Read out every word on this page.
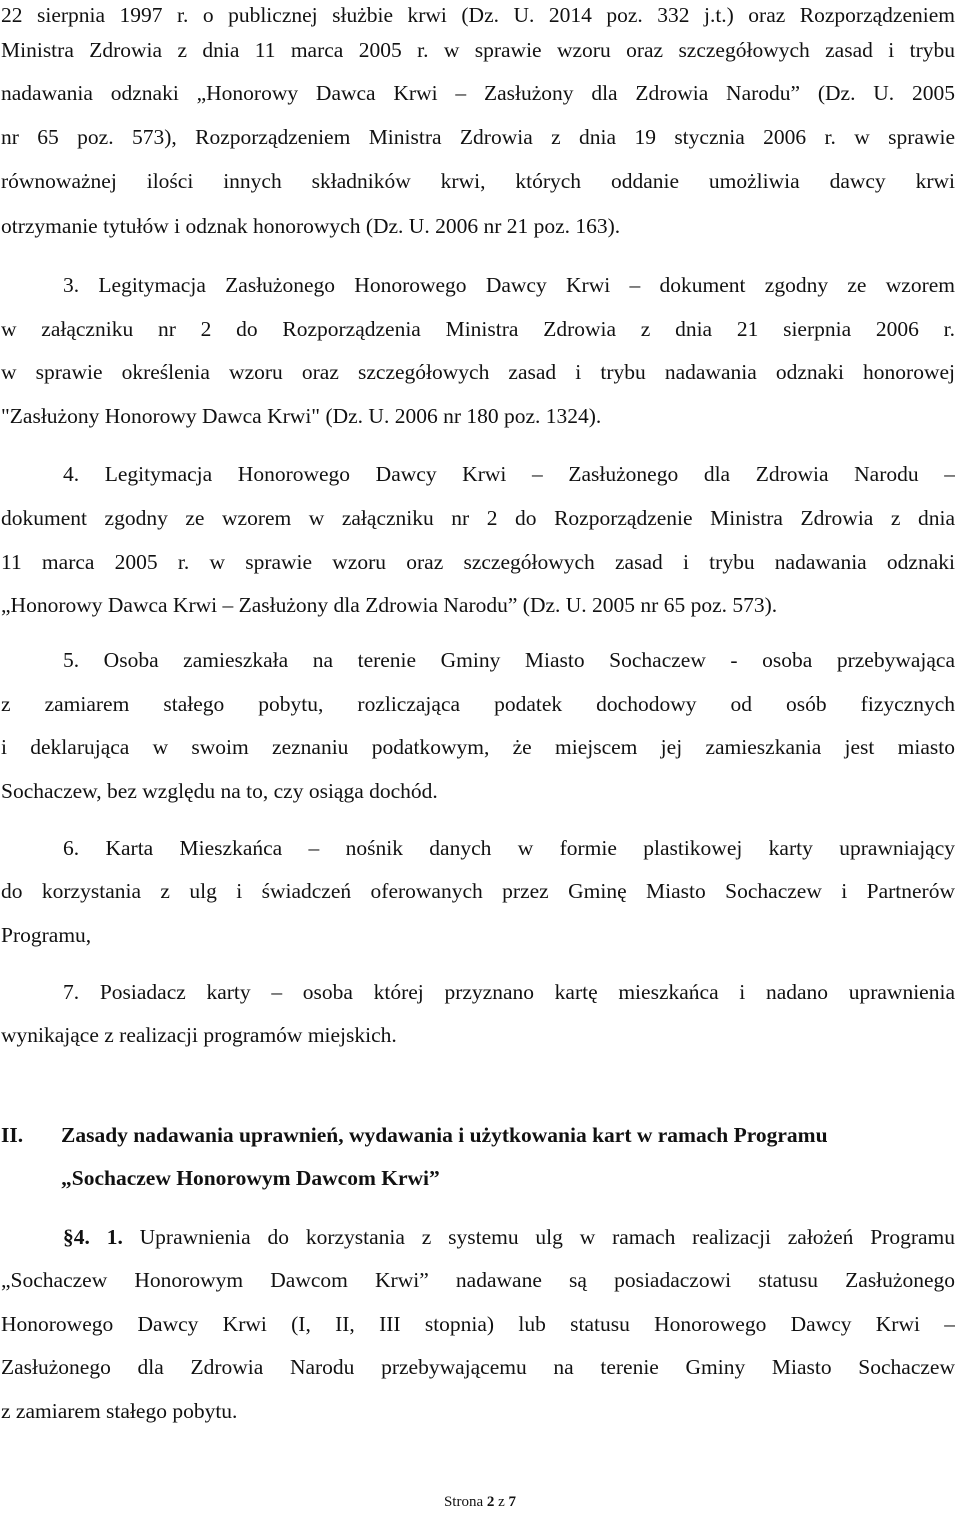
22 sierpnia 1997 r. o publicznej służbie krwi (Dz. U. 2014 poz. 332 j.t.) oraz Rozporządzeniem
Ministra Zdrowia z dnia 11 marca 2005 r. w sprawie wzoru oraz szczegółowych zasad i trybu
nadawania odznaki „Honorowy Dawca Krwi – Zasłużony dla Zdrowia Narodu” (Dz. U. 2005
nr 65 poz. 573), Rozporządzeniem Ministra Zdrowia z dnia 19 stycznia 2006 r. w sprawie
równoważnej ilości innych składników krwi, których oddanie umożliwia dawcy krwi
otrzymanie tytułów i odznak honorowych (Dz. U. 2006 nr 21 poz. 163).
3. Legitymacja Zasłużonego Honorowego Dawcy Krwi – dokument zgodny ze wzorem
w załączniku nr 2 do Rozporządzenia Ministra Zdrowia z dnia 21 sierpnia 2006 r.
w sprawie określenia wzoru oraz szczegółowych zasad i trybu nadawania odznaki honorowej
"Zasłużony Honorowy Dawca Krwi" (Dz. U. 2006 nr 180 poz. 1324).
4. Legitymacja Honorowego Dawcy Krwi – Zasłużonego dla Zdrowia Narodu –
dokument zgodny ze wzorem w załączniku nr 2 do Rozporządzenie Ministra Zdrowia z dnia
11 marca 2005 r. w sprawie wzoru oraz szczegółowych zasad i trybu nadawania odznaki
„Honorowy Dawca Krwi – Zasłużony dla Zdrowia Narodu” (Dz. U. 2005 nr 65 poz. 573).
5. Osoba zamieszkała na terenie Gminy Miasto Sochaczew - osoba przebywająca
z zamiarem stałego pobytu, rozliczająca podatek dochodowy od osób fizycznych
i deklarująca w swoim zeznaniu podatkowym, że miejscem jej zamieszkania jest miasto
Sochaczew, bez względu na to, czy osiąga dochód.
6. Karta Mieszkańca – nośnik danych w formie plastikowej karty uprawniający
do korzystania z ulg i świadczeń oferowanych przez Gminę Miasto Sochaczew i Partnerów
Programu,
7. Posiadacz karty – osoba której przyznano kartę mieszkańca i nadano uprawnienia
wynikające z realizacji programów miejskich.
II. Zasady nadawania uprawnień, wydawania i użytkowania kart w ramach Programu
„Sochaczew Honorowym Dawcom Krwi”
§4. 1. Uprawnienia do korzystania z systemu ulg w ramach realizacji założeń Programu
„Sochaczew Honorowym Dawcom Krwi” nadawane są posiadaczowi statusu Zasłużonego
Honorowego Dawcy Krwi (I, II, III stopnia) lub statusu Honorowego Dawcy Krwi –
Zasłużonego dla Zdrowia Narodu przebywającemu na terenie Gminy Miasto Sochaczew
z zamiarem stałego pobytu.
Strona 2 z 7
